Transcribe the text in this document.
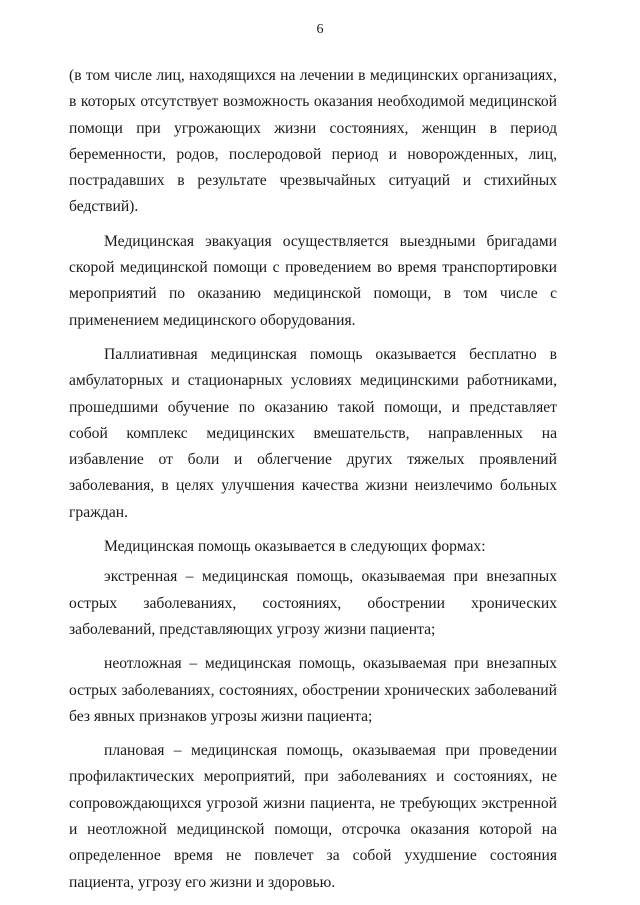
6

(в том числе лиц, находящихся на лечении в медицинских организациях, в которых отсутствует возможность оказания необходимой медицинской помощи при угрожающих жизни состояниях, женщин в период беременности, родов, послеродовой период и новорожденных, лиц, пострадавших в результате чрезвычайных ситуаций и стихийных бедствий).

Медицинская эвакуация осуществляется выездными бригадами скорой медицинской помощи с проведением во время транспортировки мероприятий по оказанию медицинской помощи, в том числе с применением медицинского оборудования.

Паллиативная медицинская помощь оказывается бесплатно в амбулаторных и стационарных условиях медицинскими работниками, прошедшими обучение по оказанию такой помощи, и представляет собой комплекс медицинских вмешательств, направленных на избавление от боли и облегчение других тяжелых проявлений заболевания, в целях улучшения качества жизни неизлечимо больных граждан.

Медицинская помощь оказывается в следующих формах:

экстренная – медицинская помощь, оказываемая при внезапных острых заболеваниях, состояниях, обострении хронических заболеваний, представляющих угрозу жизни пациента;

неотложная – медицинская помощь, оказываемая при внезапных острых заболеваниях, состояниях, обострении хронических заболеваний без явных признаков угрозы жизни пациента;

плановая – медицинская помощь, оказываемая при проведении профилактических мероприятий, при заболеваниях и состояниях, не сопровождающихся угрозой жизни пациента, не требующих экстренной и неотложной медицинской помощи, отсрочка оказания которой на определенное время не повлечет за собой ухудшение состояния пациента, угрозу его жизни и здоровью.
